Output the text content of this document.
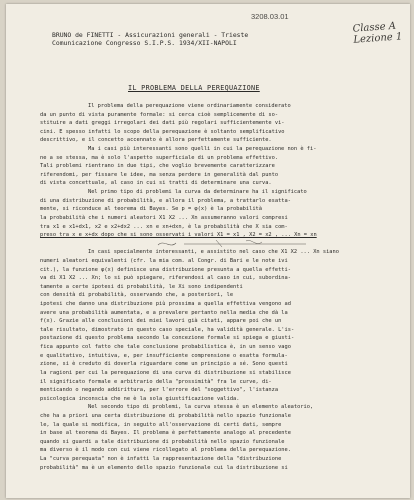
3208.03.01
Classe A
Lezione 1
BRUNO de FINETTI - Assicurazioni generali - Trieste
Comunicazione Congresso S.I.P.S. 1934/XII-NAPOLI
IL PROBLEMA DELLA PEREQUAZIONE
Il problema della perequazione viene ordinariamente considerato
da un punto di vista puramente formale: si cerca cioè semplicemente di so-
stituire a dati greggi irregolari dei dati più regolari sufficientemente vi-
cini. E spesso infatti lo scopo della perequazione è soltanto semplificativo
descrittivo, e il concetto accennato è allora perfettamente sufficiente.
Ma i casi più interessanti sono quelli in cui la perequazione non è fi-
ne a se stessa, ma è solo l'aspetto superficiale di un problema effettivo.
Tali problemi rientrano in due tipi, che voglio brevemente caratterizzare
riferendomi, per fissare le idee, ma senza perdere in generalità dal punto
di vista concettuale, al caso in cui si tratti di determinare una curva.
Nel primo tipo di problemi la curva da determinare ha il significato
di una distribuzione di probabilità, e allora il problema, a trattarlo esatta-
mente, si riconduce al teorema di Bayes. Se p = φ(x) è la probabilità
la probabilità che i numeri aleatori X1 X2 ... Xn assumeranno valori compresi
tra x1 e x1+dx1, x2 e x2+dx2 ... xn e xn+dxn, è la probabilità che X sia com-
preso tra x e x+dx dopo che si sono osservati i valori X1 = x1 , X2 = x2 , ... Xn = xn
In casi specialmente interessanti, e assistito nel caso che X1 X2 ... Xn siano
numeri aleatori equivalenti (cfr. la mia com. al Congr. di Bari e le note ivi
cit.), la funzione φ(x) definisce una distribuzione presunta a quella effetti-
va di X1 X2 ... Xn; lo si può spiegare, riferendosi al caso in cui, subordina-
tamente a certe ipotesi di probabilità, le Xi sono indipendenti
con densità di probabilità, osservando che, a posteriori, le
ipotesi che danno una distribuzione più prossima a quella effettiva vengono ad
avere una probabilità aumentata, e a prevalere pertanto nella media che dà la
f(x). Grazie alle conclusioni dei miei lavori già citati, appare poi che un
tale risultato, dimostrato in questo caso speciale, ha validità generale. L'is-
postazione di questo problema secondo la concezione formale si spiega e giusti-
fica appunto col fatto che tale conclusione probabilistica è, in un senso vago
e qualitativo, intuitiva, e, per insufficiente comprensione o esatta formula-
zione, si è creduto di doverla riguardare come un principio a sé. Sono questi
la ragioni per cui la perequazione di una curva di distribuzione si stabilisce
il significato formale e arbitrario della "prossimità" fra le curve, di-
menticando o negando addirittura, per l'errore del "soggettivo", l'istanza
psicologica inconscia che ne è la sola giustificazione valida.
Nel secondo tipo di problemi, la curva stessa è un elemento aleatorio,
che ha a priori una certa distribuzione di probabilità nello spazio funzionale
le, la quale si modifica, in seguito all'osservazione di certi dati, sempre
in base al teorema di Bayes. Il problema è perfettamente analogo al precedente
quando si guardi a tale distribuzione di probabilità nello spazio funzionale
ma diverso è il modo con cui viene ricollegato al problema della perequazione.
La "curva perequata" non è infatti la rappresentazione della "distribuzione
probabilità" ma è un elemento dello spazio funzionale cui la distribuzione si
